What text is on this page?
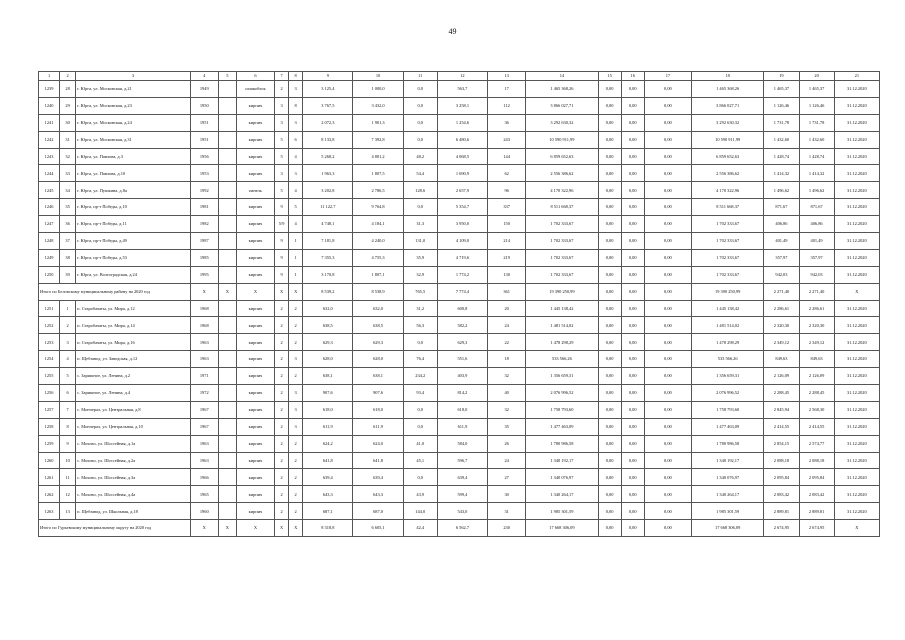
49
1	2	3	4	5	6	7	8	9	10	11	12	13	14	15	16	17	18	19	20	21
1239	28	г. Юрга, ул. Московская, д.21	1949		шлакоблок	2	3	3 125,4	1 000,0	0,0	563,7	17	1 465 368,26	0,00	0,00	0,00	1 465 368,26	1 465,37	1 465,37	31.12.2020
1240	29	г. Юрга, ул. Московская, д.23	1950		кирпич	3	8	3 767,5	3 432,0	0,0	3 258,1	112	3 866 027,71	0,00	0,00	0,00	3 866 027,71	1 126,46	1 126,46	31.12.2020
1241	30	г. Юрга, ул. Московская, д.24	1951		кирпич	3	3	2 072,3	1 901,3	0,0	1 254,6	36	3 292 630,32	0,00	0,00	0,00	3 292 630,32	1 731,78	1 731,78	31.12.2020
1242	31	г. Юрга, ул. Московская, д.31	1951		кирпич	5	6	8 133,8	7 392,8	0,0	6 480,6	243	10 590 911,99	0,00	0,00	0,00	10 590 911,99	1 432,60	1 432,60	31.12.2020
1243	32	г. Юрга, ул. Павлова, д.3	1956		кирпич	5	4	5 268,2	4 801,2	48,2	4 068,5	144	6 859 652,63	0,00	0,00	0,00	6 859 652,63	1 428,74	1 428,74	31.12.2020
1244	33	г. Юрга, ул. Павлова, д.10	1953		кирпич	3	3	1 963,3	1 807,5	54,4	1 690,9	62	2 556 386,62	0,00	0,00	0,00	2 556 386,62	1 414,32	1 414,32	31.12.2020
1245	34	г. Юрга, ул. Пушкина, д.8а	1992		панель	5	4	3 202,8	2 786,5	128,6	2 657,9	96	4 170 322,96	0,00	0,00	0,00	4 170 322,96	1 496,62	1 496,62	31.12.2020
1246	35	г. Юрга, пр-т Победы, д.10	1981		кирпич	9	5	11 122,7	9 764,8	0,0	5 354,7	337	8 511 668,37	0,00	0,00	0,00	8 511 668,37	871,67	871,67	31.12.2020
1247	36	г. Юрга, пр-т Победы, д.11	1982		кирпич	5/9	4	4 748,1	4 184,1	31,3	3 950,0	150	1 702 333,67	0,00	0,00	0,00	1 702 333,67	406,86	406,86	31.12.2020
1248	37	г. Юрга, пр-т Победы, д.49	1987		кирпич	9	1	7 181,8	4 240,0	131,0	4 109,0	214	1 702 333,67	0,00	0,00	0,00	1 702 333,67	401,49	401,49	31.12.2020
1249	38	г. Юрга, пр-т Победы, д.53	1985		кирпич	9	1	7 355,3	4 755,3	35,9	4 719,6	219	1 702 333,67	0,00	0,00	0,00	1 702 333,67	357,97	357,97	31.12.2020
1250	39	г. Юрга, ул. Волгоградская, д.24	1995		кирпич	9	1	3 170,8	1 807,1	32,9	1 774,2	130	1 702 333,67	0,00	0,00	0,00	1 702 333,67	942,03	942,03	31.12.2020
Итого по Беловскому муниципальному району на 2020 год			X	X	X	X	X	8 539,2	8 538,9	765,5	7 774,4	361	19 390 250,99	0,00	0,00	0,00	19 390 250,99	2 271,40	2 271,40	X
1251	1	п. Старобачаты, ул. Мира, д.12	1968		кирпич	2	2	632,0	632,0	31,2	600,8	20	1 445 138,42	0,00	0,00	0,00	1 445 138,42	2 286,61	2 286,61	31.12.2020
1252	2	п. Старобачаты, ул. Мира, д.14	1968		кирпич	2	2	638,5	638,5	56,3	582,2	24	1 481 514,02	0,00	0,00	0,00	1 481 514,02	2 320,30	2 320,30	31.12.2020
1253	3	п. Старобачаты, ул. Мира, д.16	1963		кирпич	2	2	629,3	629,3	0,0	629,3	22	1 478 298,29	0,00	0,00	0,00	1 478 298,29	2 349,12	2 349,12	31.12.2020
1254	4	п. Щебзавод, ул. Заводская, д.12	1963		кирпич	2	3	628,0	628,0	76,4	551,6	18	533 566,26	0,00	0,00	0,00	533 566,26	849,63	849,63	31.12.2020
1255	5	с. Заришное, ул. Ленина, д.2	1971		кирпич	2	2	638,1	638,1	234,2	403,9	32	1 356 659,31	0,00	0,00	0,00	1 356 659,31	2 126,09	2 126,09	31.12.2020
1256	6	с. Заришное, ул. Ленина, д.4	1972		кирпич	2	3	907,6	907,6	93,4	814,2	40	2 076 996,52	0,00	0,00	0,00	2 076 996,52	2 288,45	2 288,45	31.12.2020
1257	7	с. Мончерал, ул. Центральная, д.8	1967		кирпич	2	3	618,0	618,0	0,0	618,0	32	1 758 793,60	0,00	0,00	0,00	1 758 793,60	2 845,94	2 568,30	31.12.2020
1258	8	с. Мончерал, ул. Центральная, д.10	1967		кирпич	2	3	611,9	611,9	0,0	611,9	35	1 477 463,09	0,00	0,00	0,00	1 477 463,09	2 414,55	2 414,55	31.12.2020
1259	9	с. Мохово, ул. Шоссейная, д.1а	1963		кирпич	2	2	624,2	624,0	41,0	584,0	26	1 780 986,58	0,00	0,00	0,00	1 780 986,58	2 854,15	2 574,77	31.12.2020
1260	10	с. Мохово, ул. Шоссейная, д.2а	1963		кирпич	2	2	641,8	641,8	45,1	596,7	24	1 340 192,17	0,00	0,00	0,00	1 340 192,17	2 088,18	2 088,18	31.12.2020
1261	11	с. Мохово, ул. Шоссейная, д.3а	1966		кирпич	2	2	639,4	639,4	0,0	639,4	27	1 340 076,97	0,00	0,00	0,00	1 340 076,97	2 095,84	2 095,84	31.12.2020
1262	12	с. Мохово, ул. Шоссейная, д.4а	1965		кирпич	2	2	643,3	643,3	43,9	599,4	30	1 340 264,17	0,00	0,00	0,00	1 340 264,17	2 083,42	2 083,42	31.12.2020
1263	13	п. Щебзавод, ул. Школьная, д.18	1960		кирпич	2	2	687,1	687,0	144,0	543,0	31	1 985 301,59	0,00	0,00	0,00	1 985 301,59	2 889,81	2 889,81	31.12.2020
Итого по Гурьевскому муниципальному округу на 2020 год			X	X	X	X	X	8 318,8	6 605,1	42,4	6 562,7	230	17 668 306,09	0,00	0,00	0,00	17 668 306,09	2 674,95	2 674,95	X
